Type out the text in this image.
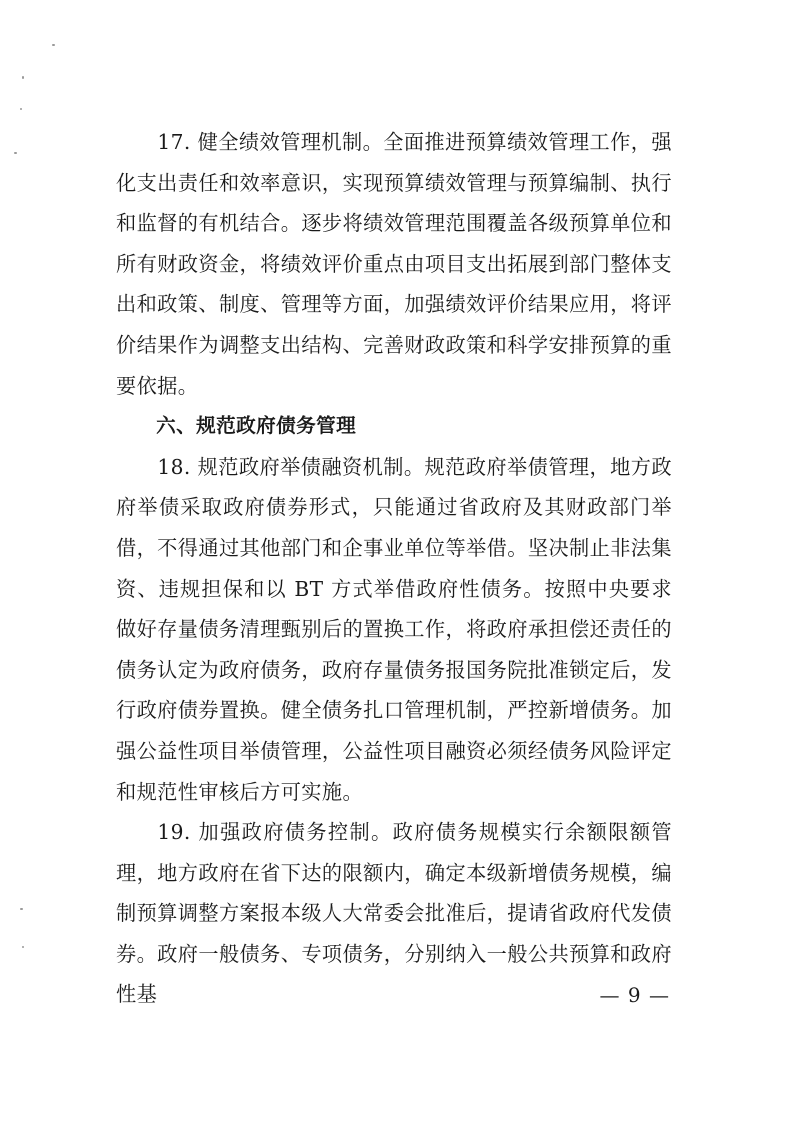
17. 健全绩效管理机制。全面推进预算绩效管理工作，强化支出责任和效率意识，实现预算绩效管理与预算编制、执行和监督的有机结合。逐步将绩效管理范围覆盖各级预算单位和所有财政资金，将绩效评价重点由项目支出拓展到部门整体支出和政策、制度、管理等方面，加强绩效评价结果应用，将评价结果作为调整支出结构、完善财政政策和科学安排预算的重要依据。

六、规范政府债务管理

18. 规范政府举债融资机制。规范政府举债管理，地方政府举债采取政府债券形式，只能通过省政府及其财政部门举借，不得通过其他部门和企事业单位等举借。坚决制止非法集资、违规担保和以 BT 方式举借政府性债务。按照中央要求做好存量债务清理甄别后的置换工作，将政府承担偿还责任的债务认定为政府债务，政府存量债务报国务院批准锁定后，发行政府债券置换。健全债务扎口管理机制，严控新增债务。加强公益性项目举债管理，公益性项目融资必须经债务风险评定和规范性审核后方可实施。

19. 加强政府债务控制。政府债务规模实行余额限额管理，地方政府在省下达的限额内，确定本级新增债务规模，编制预算调整方案报本级人大常委会批准后，提请省政府代发债券。政府一般债务、专项债务，分别纳入一般公共预算和政府性基	— 9 —
